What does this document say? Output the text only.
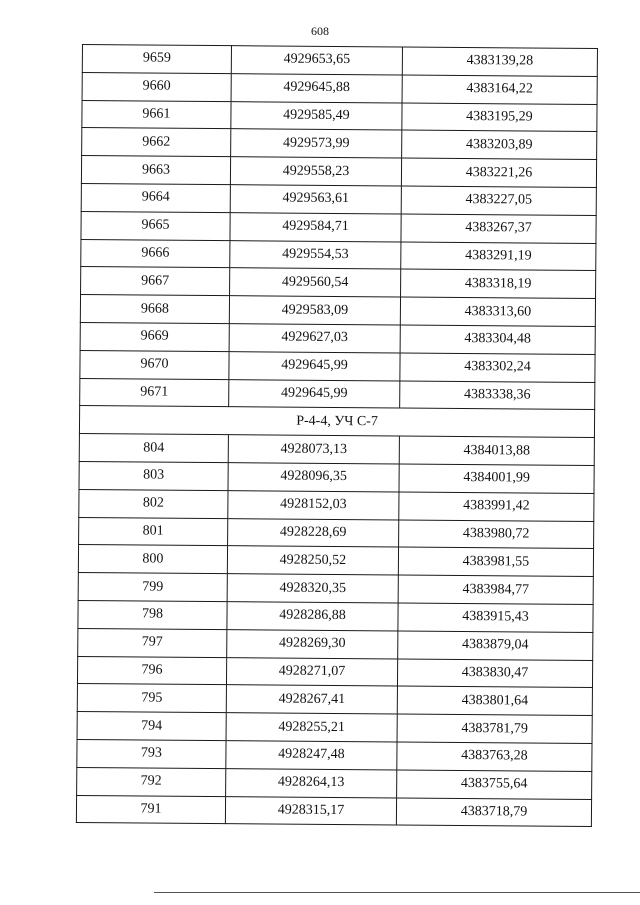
608
9659	4929653,65	4383139,28
9660	4929645,88	4383164,22
9661	4929585,49	4383195,29
9662	4929573,99	4383203,89
9663	4929558,23	4383221,26
9664	4929563,61	4383227,05
9665	4929584,71	4383267,37
9666	4929554,53	4383291,19
9667	4929560,54	4383318,19
9668	4929583,09	4383313,60
9669	4929627,03	4383304,48
9670	4929645,99	4383302,24
9671	4929645,99	4383338,36
Р-4-4, УЧ С-7		
804	4928073,13	4384013,88
803	4928096,35	4384001,99
802	4928152,03	4383991,42
801	4928228,69	4383980,72
800	4928250,52	4383981,55
799	4928320,35	4383984,77
798	4928286,88	4383915,43
797	4928269,30	4383879,04
796	4928271,07	4383830,47
795	4928267,41	4383801,64
794	4928255,21	4383781,79
793	4928247,48	4383763,28
792	4928264,13	4383755,64
791	4928315,17	4383718,79
